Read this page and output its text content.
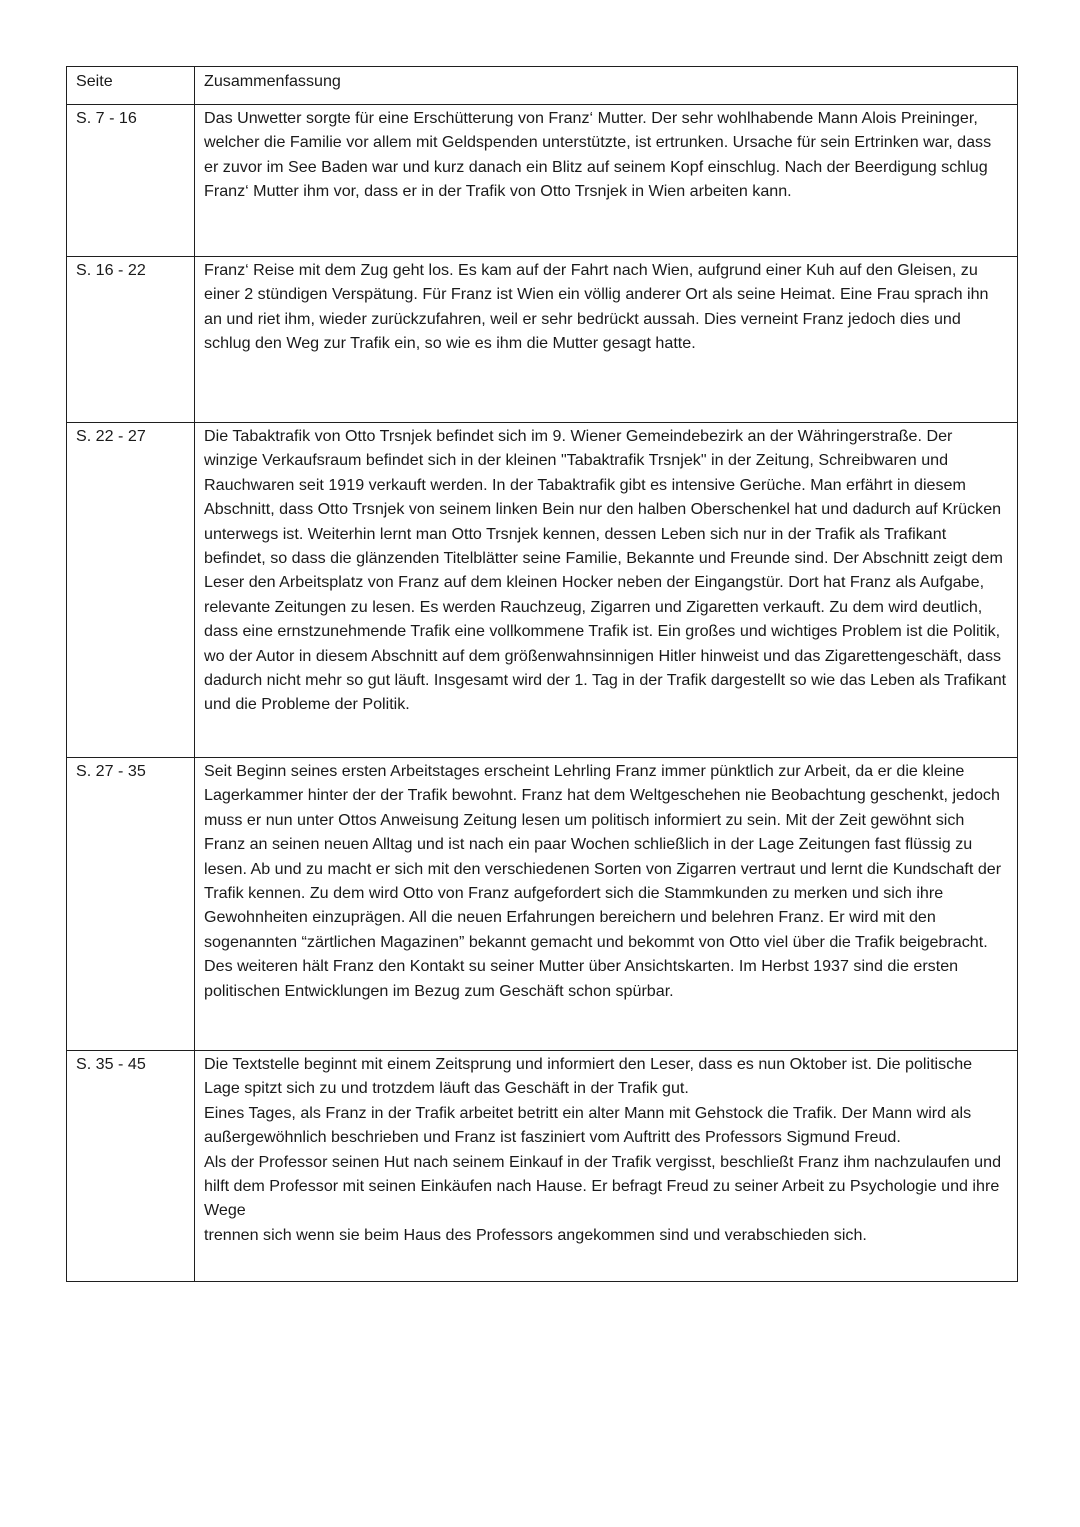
Seite	Zusammenfassung
S. 7 - 16	Das Unwetter sorgte für eine Erschütterung von Franz‘ Mutter. Der sehr wohlhabende Mann Alois Preininger, welcher die Familie vor allem mit Geldspenden unterstützte, ist ertrunken. Ursache für sein Ertrinken war, dass er zuvor im See Baden war und kurz danach ein Blitz auf seinem Kopf einschlug. Nach der Beerdigung schlug Franz‘ Mutter ihm vor, dass er in der Trafik von Otto Trsnjek in Wien arbeiten kann.

S. 16 - 22	Franz‘ Reise mit dem Zug geht los. Es kam auf der Fahrt nach Wien, aufgrund einer Kuh auf den Gleisen, zu einer 2 stündigen Verspätung. Für Franz ist Wien ein völlig anderer Ort als seine Heimat. Eine Frau sprach ihn an und riet ihm, wieder zurückzufahren, weil er sehr bedrückt aussah. Dies verneint Franz jedoch dies und schlug den Weg zur Trafik ein, so wie es ihm die Mutter gesagt hatte.

S. 22 - 27	Die Tabaktrafik von Otto Trsnjek befindet sich im 9. Wiener Gemeindebezirk an der Währingerstraße. Der winzige Verkaufsraum befindet sich in der kleinen "Tabaktrafik Trsnjek" in der Zeitung, Schreibwaren und Rauchwaren seit 1919 verkauft werden. In der Tabaktrafik gibt es intensive Gerüche. Man erfährt in diesem Abschnitt, dass Otto Trsnjek von seinem linken Bein nur den halben Oberschenkel hat und dadurch auf Krücken unterwegs ist. Weiterhin lernt man Otto Trsnjek kennen, dessen Leben sich nur in der Trafik als Trafikant befindet, so dass die glänzenden Titelblätter seine Familie, Bekannte und Freunde sind. Der Abschnitt zeigt dem Leser den Arbeitsplatz von Franz auf dem kleinen Hocker neben der Eingangstür. Dort hat Franz als Aufgabe, relevante Zeitungen zu lesen. Es werden Rauchzeug, Zigarren und Zigaretten verkauft. Zu dem wird deutlich, dass eine ernstzunehmende Trafik eine vollkommene Trafik ist. Ein großes und wichtiges Problem ist die Politik, wo der Autor in diesem Abschnitt auf dem größenwahnsinnigen Hitler hinweist und das Zigarettengeschäft, dass dadurch nicht mehr so gut läuft. Insgesamt wird der 1. Tag in der Trafik dargestellt so wie das Leben als Trafikant und die Probleme der Politik.

S. 27 - 35	Seit Beginn seines ersten Arbeitstages erscheint Lehrling Franz immer pünktlich zur Arbeit, da er die kleine Lagerkammer hinter der der Trafik bewohnt. Franz hat dem Weltgeschehen nie Beobachtung geschenkt, jedoch muss er nun unter Ottos Anweisung Zeitung lesen um politisch informiert zu sein. Mit der Zeit gewöhnt sich Franz an seinen neuen Alltag und ist nach ein paar Wochen schließlich in der Lage Zeitungen fast flüssig zu lesen. Ab und zu macht er sich mit den verschiedenen Sorten von Zigarren vertraut und lernt die Kundschaft der Trafik kennen. Zu dem wird Otto von Franz aufgefordert sich die Stammkunden zu merken und sich ihre Gewohnheiten einzuprägen. All die neuen Erfahrungen bereichern und belehren Franz. Er wird mit den sogenannten “zärtlichen Magazinen” bekannt gemacht und bekommt von Otto viel über die Trafik beigebracht. Des weiteren hält Franz den Kontakt su seiner Mutter über Ansichtskarten. Im Herbst 1937 sind die ersten politischen Entwicklungen im Bezug zum Geschäft schon spürbar.

S. 35 - 45	Die Textstelle beginnt mit einem Zeitsprung und informiert den Leser, dass es nun Oktober ist. Die politische Lage spitzt sich zu und trotzdem läuft das Geschäft in der Trafik gut.

Eines Tages, als Franz in der Trafik arbeitet betritt ein alter Mann mit Gehstock die Trafik. Der Mann wird als außergewöhnlich beschrieben und Franz ist fasziniert vom Auftritt des Professors Sigmund Freud.

Als der Professor seinen Hut nach seinem Einkauf in der Trafik vergisst, beschließt Franz ihm nachzulaufen und hilft dem Professor mit seinen Einkäufen nach Hause. Er befragt Freud zu seiner Arbeit zu Psychologie und ihre Wege

trennen sich wenn sie beim Haus des Professors angekommen sind und verabschieden sich.
